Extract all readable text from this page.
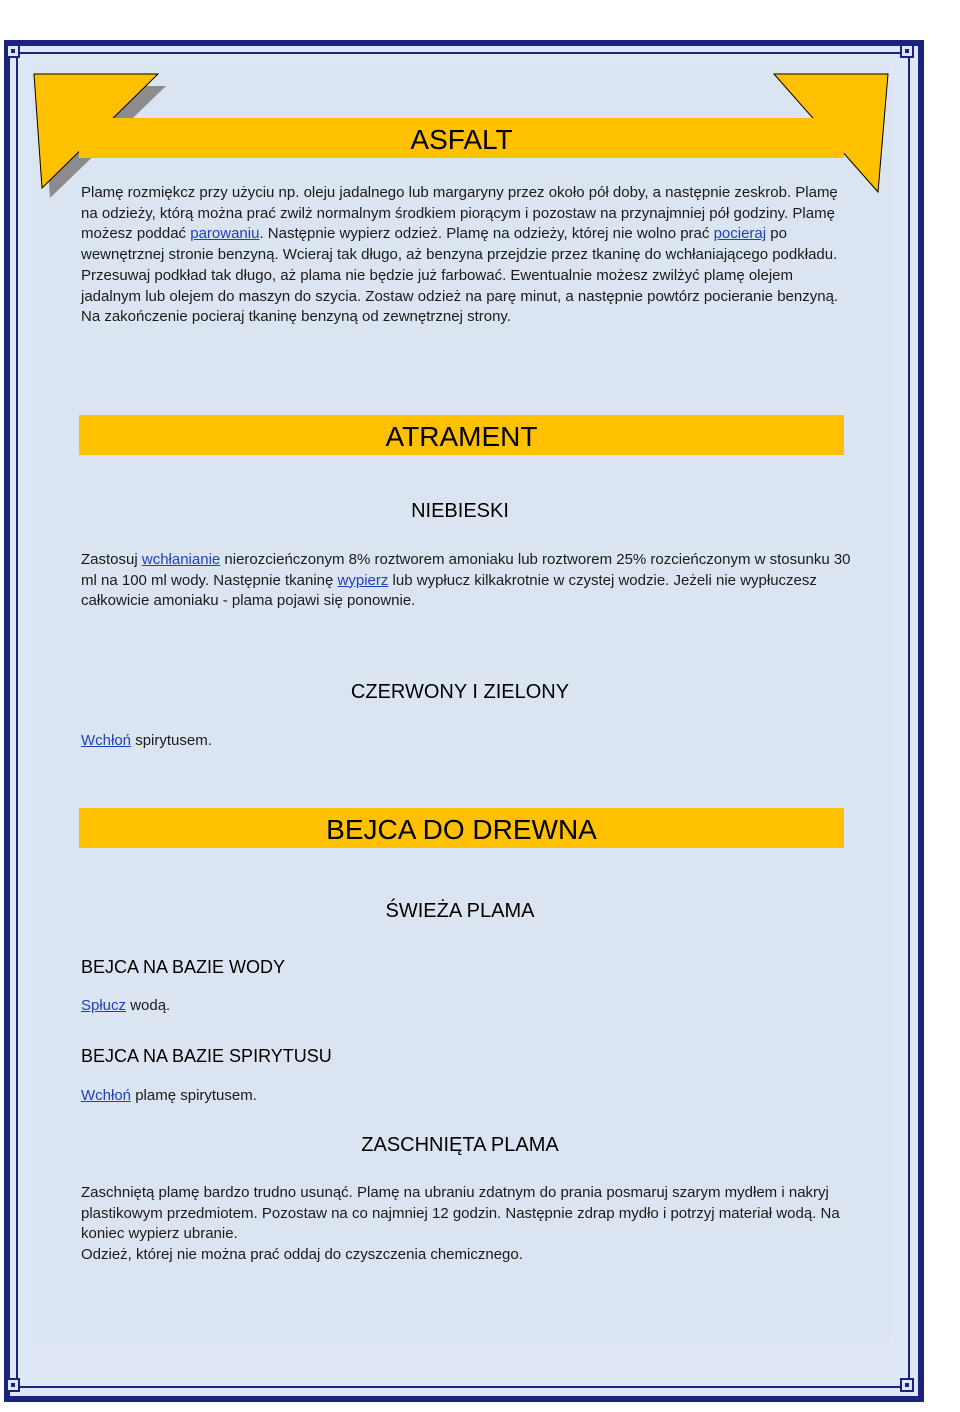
ASFALT

Plamę rozmiękcz przy użyciu np. oleju jadalnego lub margaryny przez około pół doby, a następnie zeskrob. Plamę na odzieży, którą można prać zwilż normalnym środkiem piorącym i pozostaw na przynajmniej pół godziny. Plamę możesz poddać parowaniu. Następnie wypierz odzież. Plamę na odzieży, której nie wolno prać pocieraj po wewnętrznej stronie benzyną. Wcieraj tak długo, aż benzyna przejdzie przez tkaninę do wchłaniającego podkładu. Przesuwaj podkład tak długo, aż plama nie będzie już farbować. Ewentualnie możesz zwilżyć plamę olejem jadalnym lub olejem do maszyn do szycia. Zostaw odzież na parę minut, a następnie powtórz pocieranie benzyną. Na zakończenie pocieraj tkaninę benzyną od zewnętrznej strony.

ATRAMENT
NIEBIESKI

Zastosuj wchłanianie nierozcieńczonym 8% roztworem amoniaku lub roztworem 25% rozcieńczonym w stosunku 30 ml na 100 ml wody. Następnie tkaninę wypierz lub wypłucz kilkakrotnie w czystej wodzie. Jeżeli nie wypłuczesz całkowicie amoniaku - plama pojawi się ponownie.

CZERWONY I ZIELONY

Wchłoń spirytusem.

BEJCA DO DREWNA
ŚWIEŻA PLAMA

BEJCA NA BAZIE WODY

Spłucz wodą.

BEJCA NA BAZIE SPIRYTUSU

Wchłoń plamę spirytusem.

ZASCHNIĘTA PLAMA

Zaschniętą plamę bardzo trudno usunąć. Plamę na ubraniu zdatnym do prania posmaruj szarym mydłem i nakryj plastikowym przedmiotem. Pozostaw na co najmniej 12 godzin. Następnie zdrap mydło i potrzyj materiał wodą. Na koniec wypierz ubranie.

Odzież, której nie można prać oddaj do czyszczenia chemicznego.
